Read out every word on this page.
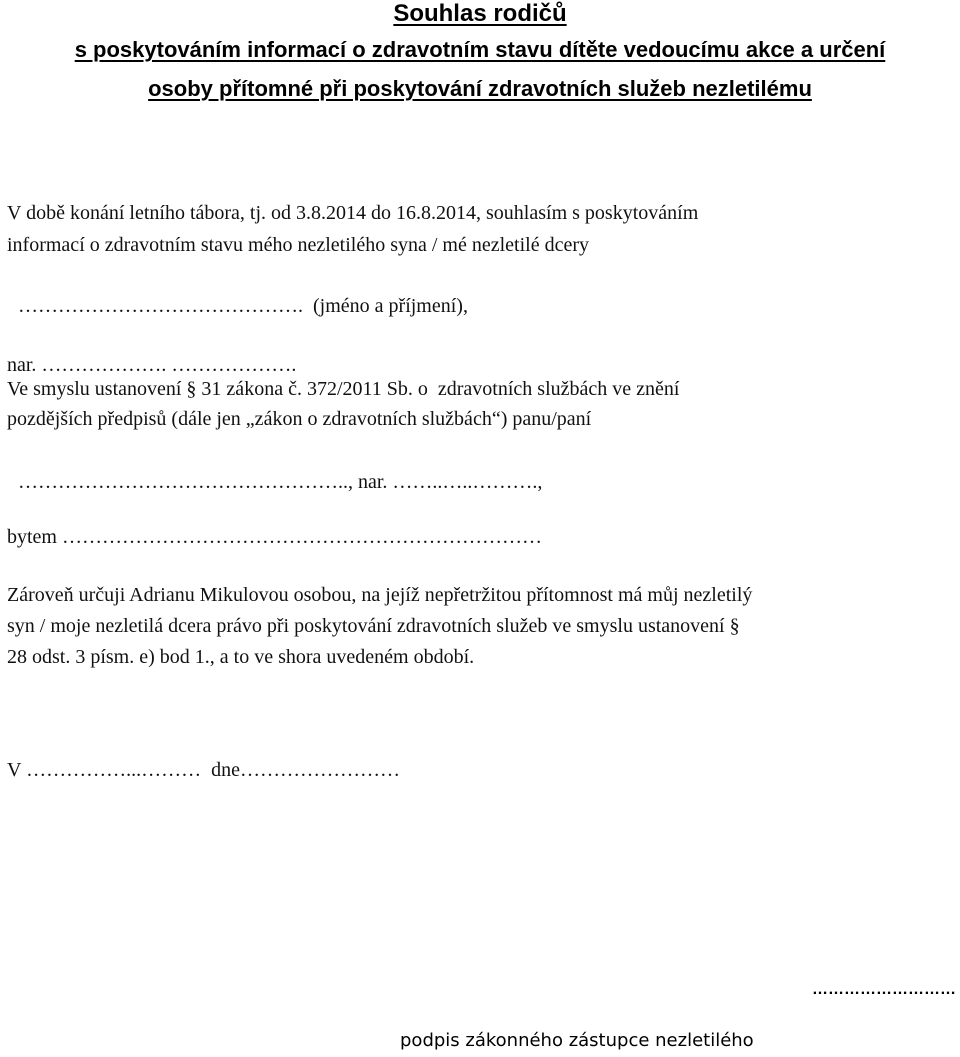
Souhlas rodičů
s poskytováním informací o zdravotním stavu dítěte vedoucímu akce a určení
osoby přítomné při poskytování zdravotních služeb nezletilému
V době konání letního tábora, tj. od 3.8.2014 do 16.8.2014, souhlasím s poskytováním
informací o zdravotním stavu mého nezletilého syna / mé nezletilé dcery
…………………………………….  (jméno a příjmení),
nar. ………………. ……………….
Ve smyslu ustanovení § 31 zákona č. 372/2011 Sb. o  zdravotních službách ve znění
pozdějších předpisů (dále jen „zákon o zdravotních službách“) panu/paní
………………………………………….., nar. ……..…..……….,
bytem ………………………………………………………………
Zároveň určuji Adrianu Mikulovou osobou, na jejíž nepřetržitou přítomnost má můj nezletilý
syn / moje nezletilá dcera právo při poskytování zdravotních služeb ve smyslu ustanovení §
28 odst. 3 písm. e) bod 1., a to ve shora uvedeném období.
V ……………...………  dne……………………
………………………
podpis zákonného zástupce nezletilého
